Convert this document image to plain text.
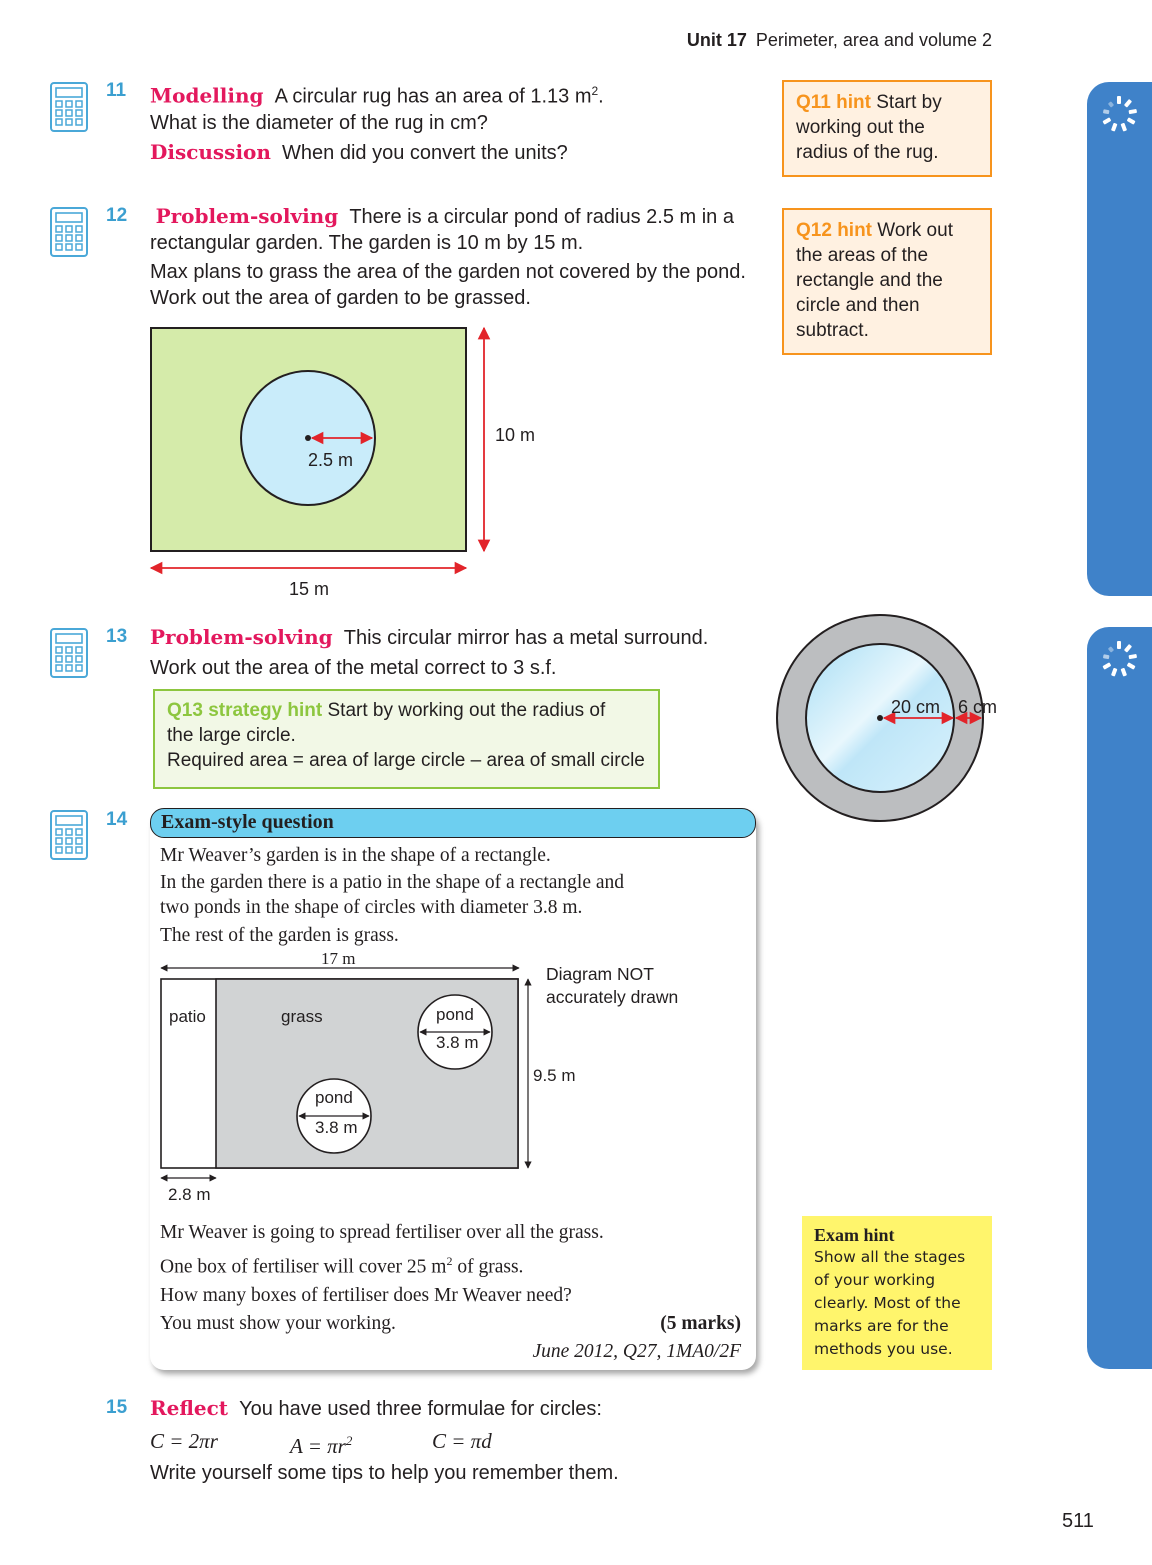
Unit 17 Perimeter, area and volume 2
11 Modelling A circular rug has an area of 1.13 $m^2$.
What is the diameter of the rug in cm?
Discussion When did you convert the units?
Q11 hint Start by working out the radius of the rug.
12 Problem-solving There is a circular pond of radius 2.5 m in a
rectangular garden. The garden is 10 m by 15 m.
Max plans to grass the area of the garden not covered by the pond.
Work out the area of garden to be grassed.
Q12 hint Work out the areas of the rectangle and the circle and then subtract.
2.5 m
10 m
15 m
13 Problem-solving This circular mirror has a metal surround.
Work out the area of the metal correct to 3 s.f.
Q13 strategy hint Start by working out the radius of
the large circle.
Required area = area of large circle – area of small circle
20 cm 6 cm
14	Exam-style question
Mr Weaver’s garden is in the shape of a rectangle.
In the garden there is a patio in the shape of a rectangle and
two ponds in the shape of circles with diameter 3.8 m.
The rest of the garden is grass.
17 m
patio	grass	pond
3.8 m
pond
3.8 m
9.5 m
2.8 m
Diagram NOT
accurately drawn
Mr Weaver is going to spread fertiliser over all the grass.
One box of fertiliser will cover 25 $m^2$ of grass.
How many boxes of fertiliser does Mr Weaver need?
You must show your working.	(5 marks)
June 2012, Q27, 1MA0/2F
Exam hint
Show all the stages
of your working
clearly. Most of the
marks are for the
methods you use.
15 Reflect You have used three formulae for circles:
C = 2πr	$A = \pi r^2$	C = πd
Write yourself some tips to help you remember them.
511
